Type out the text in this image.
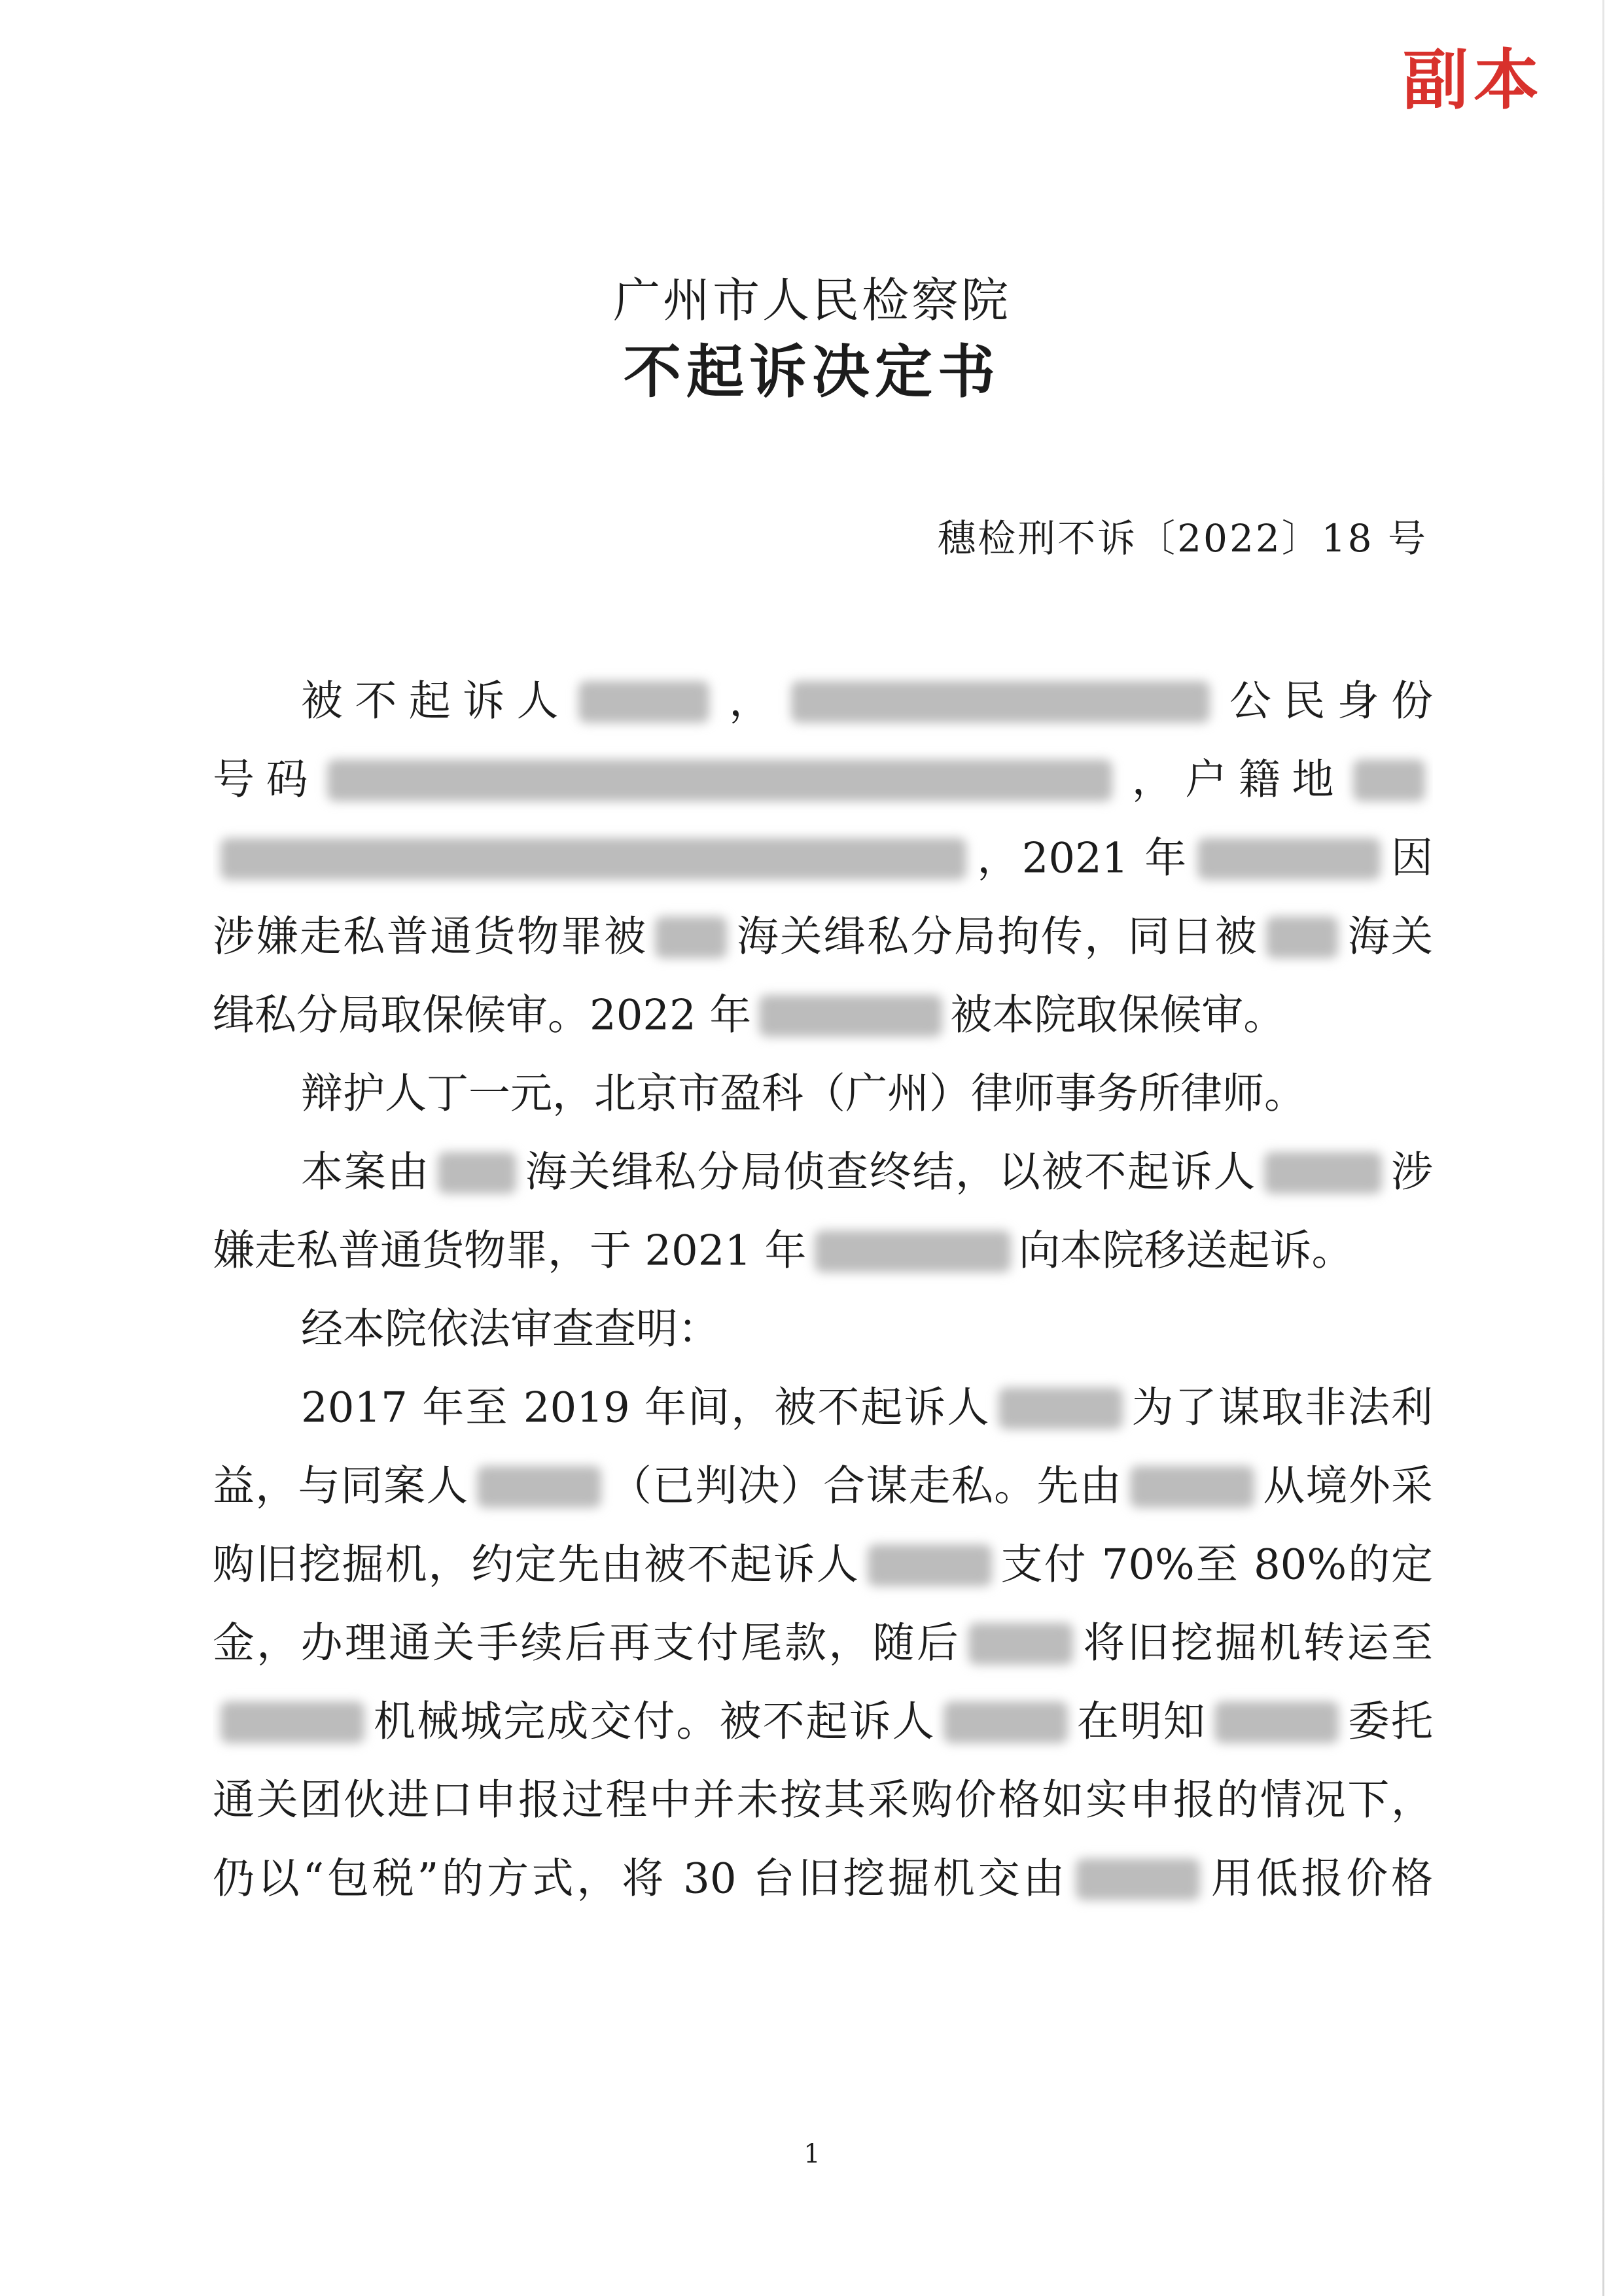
副本
广州市人民检察院
不起诉决定书
穗检刑不诉〔2022〕18 号
被不起诉人	，	公民身份
号码	，户籍地
，2021 年	因
涉嫌走私普通货物罪被 海关缉私分局拘传，同日被 海关
缉私分局取保候审。2022 年	被本院取保候审。
辩护人丁一元，北京市盈科（广州）律师事务所律师。
本案由 海关缉私分局侦查终结，以被不起诉人	涉
嫌走私普通货物罪，于 2021 年	向本院移送起诉。
经本院依法审查查明：
2017 年至 2019 年间，被不起诉人	为了谋取非法利
益，与同案人	（已判决）合谋走私。先由	从境外采
购旧挖掘机，约定先由被不起诉人	支付 70%至 80%的定
金，办理通关手续后再支付尾款，随后	将旧挖掘机转运至
机械城完成交付。被不起诉人	在明知	委托
通关团伙进口申报过程中并未按其采购价格如实申报的情况下，
仍以“包税”的方式，将 30 台旧挖掘机交由	用低报价格
1
